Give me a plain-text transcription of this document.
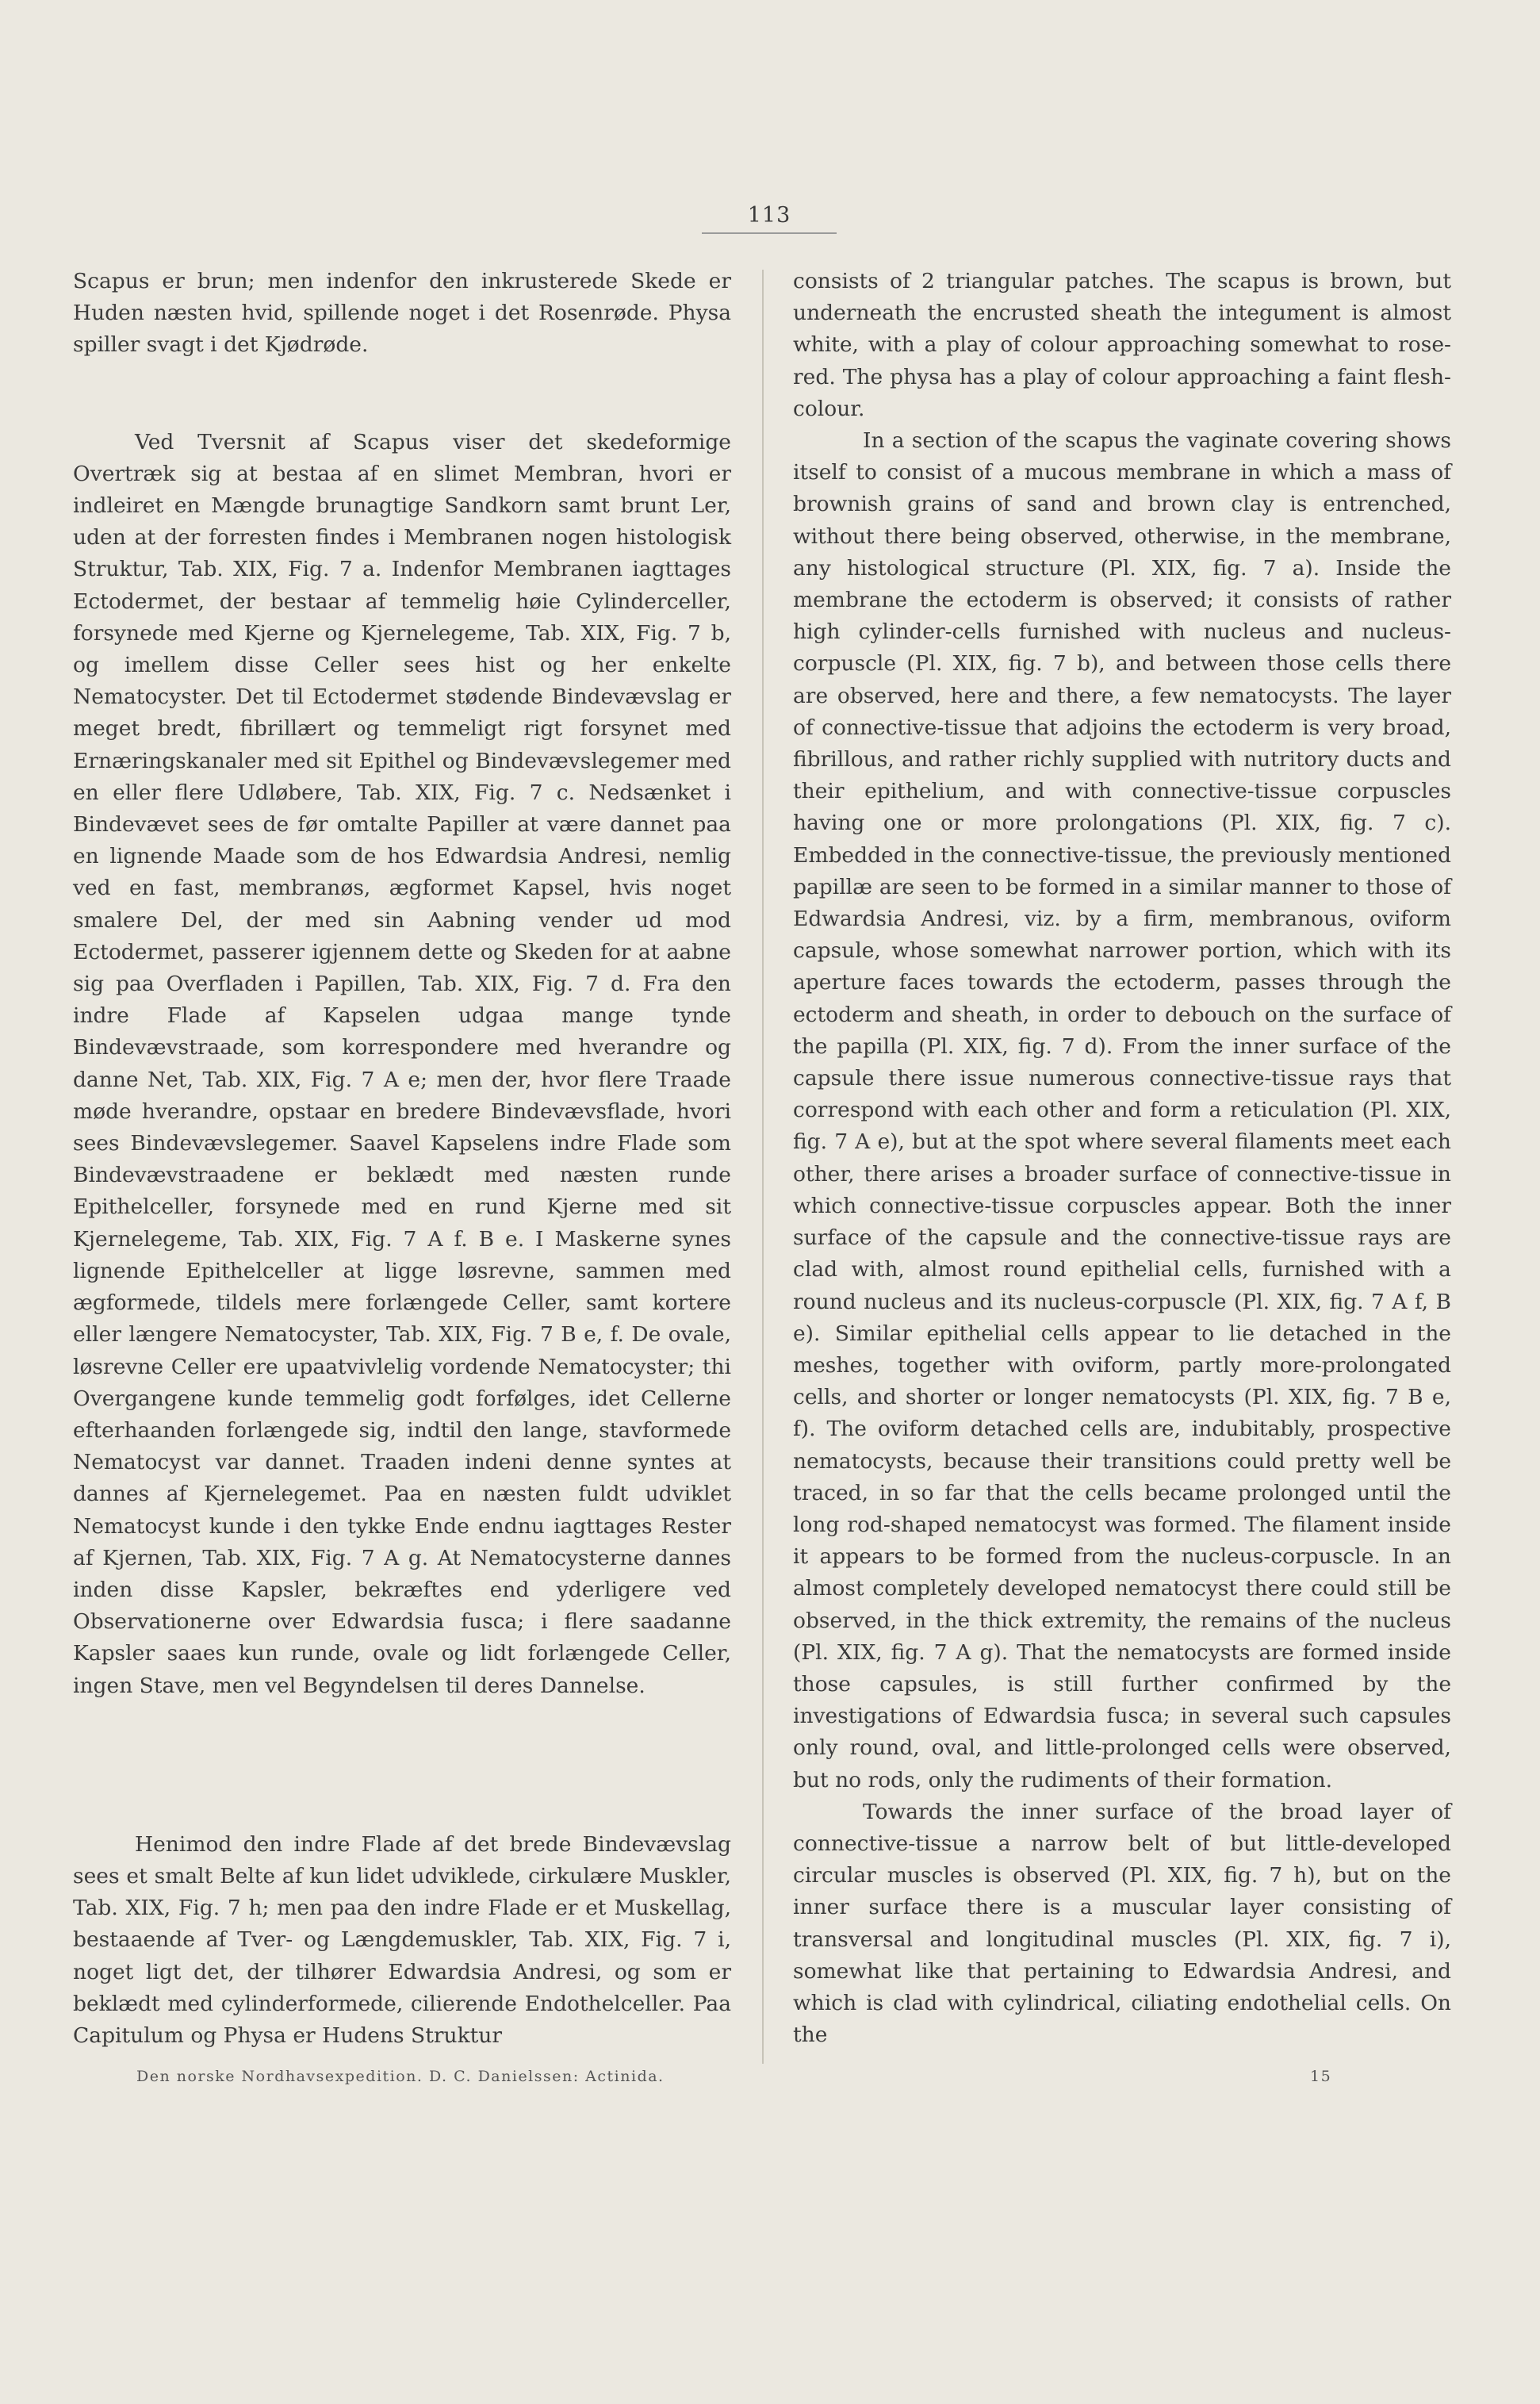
113

Scapus er brun; men indenfor den inkrusterede Skede er Huden næsten hvid, spillende noget i det Rosenrøde. Physa spiller svagt i det Kjødrøde.

Ved Tversnit af Scapus viser det skedeformige Overtræk sig at bestaa af en slimet Membran, hvori er indleiret en Mængde brunagtige Sandkorn samt brunt Ler, uden at der forresten findes i Membranen nogen histologisk Struktur, Tab. XIX, Fig. 7 a. Indenfor Membranen iagttages Ectodermet, der bestaar af temmelig høie Cylinderceller, forsynede med Kjerne og Kjernelegeme, Tab. XIX, Fig. 7 b, og imellem disse Celler sees hist og her enkelte Nematocyster. Det til Ectodermet stødende Bindevævslag er meget bredt, fibrillært og temmeligt rigt forsynet med Ernæringskanaler med sit Epithel og Bindevævslegemer med en eller flere Udløbere, Tab. XIX, Fig. 7 c. Nedsænket i Bindevævet sees de før omtalte Papiller at være dannet paa en lignende Maade som de hos Edwardsia Andresi, nemlig ved en fast, membranøs, ægformet Kapsel, hvis noget smalere Del, der med sin Aabning vender ud mod Ectodermet, passerer igjennem dette og Skeden for at aabne sig paa Overfladen i Papillen, Tab. XIX, Fig. 7 d. Fra den indre Flade af Kapselen udgaa mange tynde Bindevævstraade, som korrespondere med hverandre og danne Net, Tab. XIX, Fig. 7 A e; men der, hvor flere Traade møde hverandre, opstaar en bredere Bindevævsflade, hvori sees Bindevævslegemer. Saavel Kapselens indre Flade som Bindevævstraadene er beklædt med næsten runde Epithelceller, forsynede med en rund Kjerne med sit Kjernelegeme, Tab. XIX, Fig. 7 A f. B e. I Maskerne synes lignende Epithelceller at ligge løsrevne, sammen med ægformede, tildels mere forlængede Celler, samt kortere eller længere Nematocyster, Tab. XIX, Fig. 7 B e, f. De ovale, løsrevne Celler ere upaatvivlelig vordende Nematocyster; thi Overgangene kunde temmelig godt forfølges, idet Cellerne efterhaanden forlængede sig, indtil den lange, stavformede Nematocyst var dannet. Traaden indeni denne syntes at dannes af Kjernelegemet. Paa en næsten fuldt udviklet Nematocyst kunde i den tykke Ende endnu iagttages Rester af Kjernen, Tab. XIX, Fig. 7 A g. At Nematocysterne dannes inden disse Kapsler, bekræftes end yderligere ved Observationerne over Edwardsia fusca; i flere saadanne Kapsler saaes kun runde, ovale og lidt forlængede Celler, ingen Stave, men vel Begyndelsen til deres Dannelse.

Henimod den indre Flade af det brede Bindevævslag sees et smalt Belte af kun lidet udviklede, cirkulære Muskler, Tab. XIX, Fig. 7 h; men paa den indre Flade er et Muskellag, bestaaende af Tver- og Længdemuskler, Tab. XIX, Fig. 7 i, noget ligt det, der tilhører Edwardsia Andresi, og som er beklædt med cylinderformede, cilierende Endothelceller. Paa Capitulum og Physa er Hudens Struktur

consists of 2 triangular patches. The scapus is brown, but underneath the encrusted sheath the integument is almost white, with a play of colour approaching somewhat to rose-red. The physa has a play of colour approaching a faint flesh-colour.

In a section of the scapus the vaginate covering shows itself to consist of a mucous membrane in which a mass of brownish grains of sand and brown clay is entrenched, without there being observed, otherwise, in the membrane, any histological structure (Pl. XIX, fig. 7 a). Inside the membrane the ectoderm is observed; it consists of rather high cylinder-cells furnished with nucleus and nucleus-corpuscle (Pl. XIX, fig. 7 b), and between those cells there are observed, here and there, a few nematocysts. The layer of connective-tissue that adjoins the ectoderm is very broad, fibrillous, and rather richly supplied with nutritory ducts and their epithelium, and with connective-tissue corpuscles having one or more prolongations (Pl. XIX, fig. 7 c). Embedded in the connective-tissue, the previously mentioned papillæ are seen to be formed in a similar manner to those of Edwardsia Andresi, viz. by a firm, membranous, oviform capsule, whose somewhat narrower portion, which with its aperture faces towards the ectoderm, passes through the ectoderm and sheath, in order to debouch on the surface of the papilla (Pl. XIX, fig. 7 d). From the inner surface of the capsule there issue numerous connective-tissue rays that correspond with each other and form a reticulation (Pl. XIX, fig. 7 A e), but at the spot where several filaments meet each other, there arises a broader surface of connective-tissue in which connective-tissue corpuscles appear. Both the inner surface of the capsule and the connective-tissue rays are clad with, almost round epithelial cells, furnished with a round nucleus and its nucleus-corpuscle (Pl. XIX, fig. 7 A f, B e). Similar epithelial cells appear to lie detached in the meshes, together with oviform, partly more-prolongated cells, and shorter or longer nematocysts (Pl. XIX, fig. 7 B e, f). The oviform detached cells are, indubitably, prospective nematocysts, because their transitions could pretty well be traced, in so far that the cells became prolonged until the long rod-shaped nematocyst was formed. The filament inside it appears to be formed from the nucleus-corpuscle. In an almost completely developed nematocyst there could still be observed, in the thick extremity, the remains of the nucleus (Pl. XIX, fig. 7 A g). That the nematocysts are formed inside those capsules, is still further confirmed by the investigations of Edwardsia fusca; in several such capsules only round, oval, and little-prolonged cells were observed, but no rods, only the rudiments of their formation.

Towards the inner surface of the broad layer of connective-tissue a narrow belt of but little-developed circular muscles is observed (Pl. XIX, fig. 7 h), but on the inner surface there is a muscular layer consisting of transversal and longitudinal muscles (Pl. XIX, fig. 7 i), somewhat like that pertaining to Edwardsia Andresi, and which is clad with cylindrical, ciliating endothelial cells. On the

Den norske Nordhavsexpedition. D. C. Danielssen: Actinida.	15
